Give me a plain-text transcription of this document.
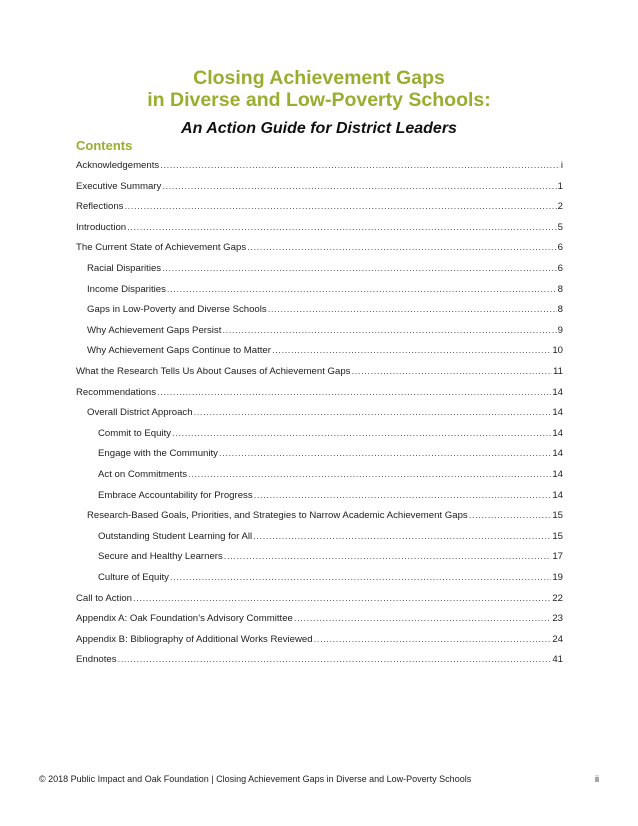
Closing Achievement Gaps
in Diverse and Low-Poverty Schools:
An Action Guide for District Leaders
Contents
Acknowledgements .....	i
Executive Summary .....	1
Reflections .....	2
Introduction .....	5
The Current State of Achievement Gaps .....	6
Racial Disparities .....	6
Income Disparities .....	8
Gaps in Low-Poverty and Diverse Schools .....	8
Why Achievement Gaps Persist .....	9
Why Achievement Gaps Continue to Matter .....	10
What the Research Tells Us About Causes of Achievement Gaps .....	11
Recommendations .....	14
Overall District Approach .....	14
Commit to Equity .....	14
Engage with the Community .....	14
Act on Commitments .....	14
Embrace Accountability for Progress .....	14
Research-Based Goals, Priorities, and Strategies to Narrow Academic Achievement Gaps .....	15
Outstanding Student Learning for All .....	15
Secure and Healthy Learners .....	17
Culture of Equity .....	19
Call to Action .....	22
Appendix A: Oak Foundation’s Advisory Committee .....	23
Appendix B: Bibliography of Additional Works Reviewed .....	24
Endnotes .....	41
© 2018 Public Impact and Oak Foundation | Closing Achievement Gaps in Diverse and Low-Poverty Schools	ii
